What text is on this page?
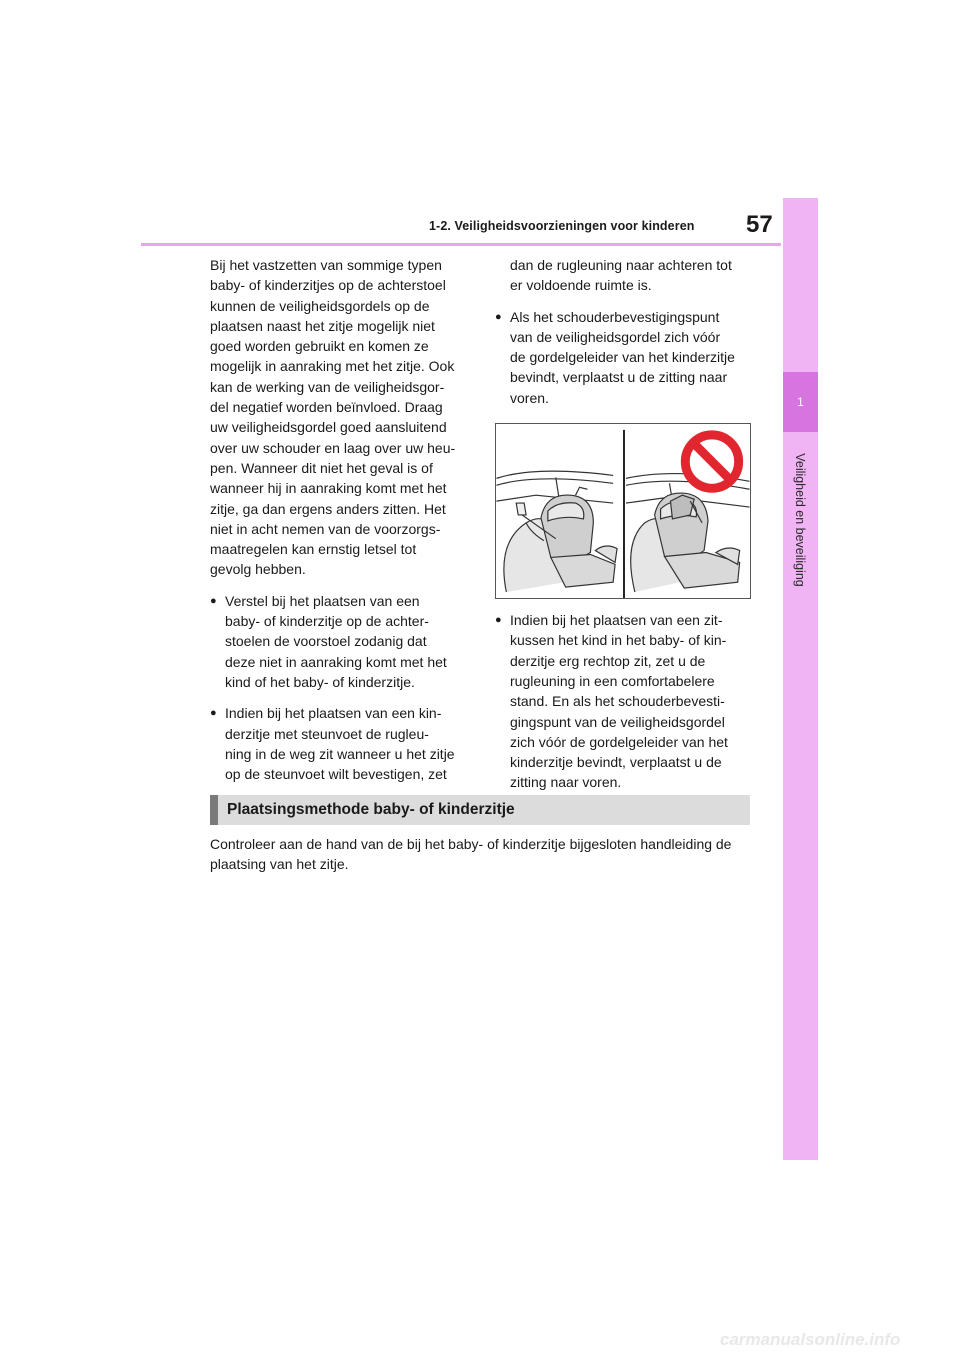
1-2. Veiligheidsvoorzieningen voor kinderen 57
1
Veiligheid en beveiliging
Bij het vastzetten van sommige typen
baby- of kinderzitjes op de achterstoel
kunnen de veiligheidsgordels op de
plaatsen naast het zitje mogelijk niet
goed worden gebruikt en komen ze
mogelijk in aanraking met het zitje. Ook
kan de werking van de veiligheidsgor-
del negatief worden beïnvloed. Draag
uw veiligheidsgordel goed aansluitend
over uw schouder en laag over uw heu-
pen. Wanneer dit niet het geval is of
wanneer hij in aanraking komt met het
zitje, ga dan ergens anders zitten. Het
niet in acht nemen van de voorzorgs-
maatregelen kan ernstig letsel tot
gevolg hebben.
● Verstel bij het plaatsen van een
baby- of kinderzitje op de achter-
stoelen de voorstoel zodanig dat
deze niet in aanraking komt met het
kind of het baby- of kinderzitje.
● Indien bij het plaatsen van een kin-
derzitje met steunvoet de rugleu-
ning in de weg zit wanneer u het zitje
op de steunvoet wilt bevestigen, zet
dan de rugleuning naar achteren tot
er voldoende ruimte is.
● Als het schouderbevestigingspunt
van de veiligheidsgordel zich vóór
de gordelgeleider van het kinderzitje
bevindt, verplaatst u de zitting naar
voren.
● Indien bij het plaatsen van een zit-
kussen het kind in het baby- of kin-
derzitje erg rechtop zit, zet u de
rugleuning in een comfortabelere
stand. En als het schouderbevesti-
gingspunt van de veiligheidsgordel
zich vóór de gordelgeleider van het
kinderzitje bevindt, verplaatst u de
zitting naar voren.
Plaatsingsmethode baby- of kinderzitje
Controleer aan de hand van de bij het baby- of kinderzitje bijgesloten handleiding de
plaatsing van het zitje.
carmanualsonline.info
